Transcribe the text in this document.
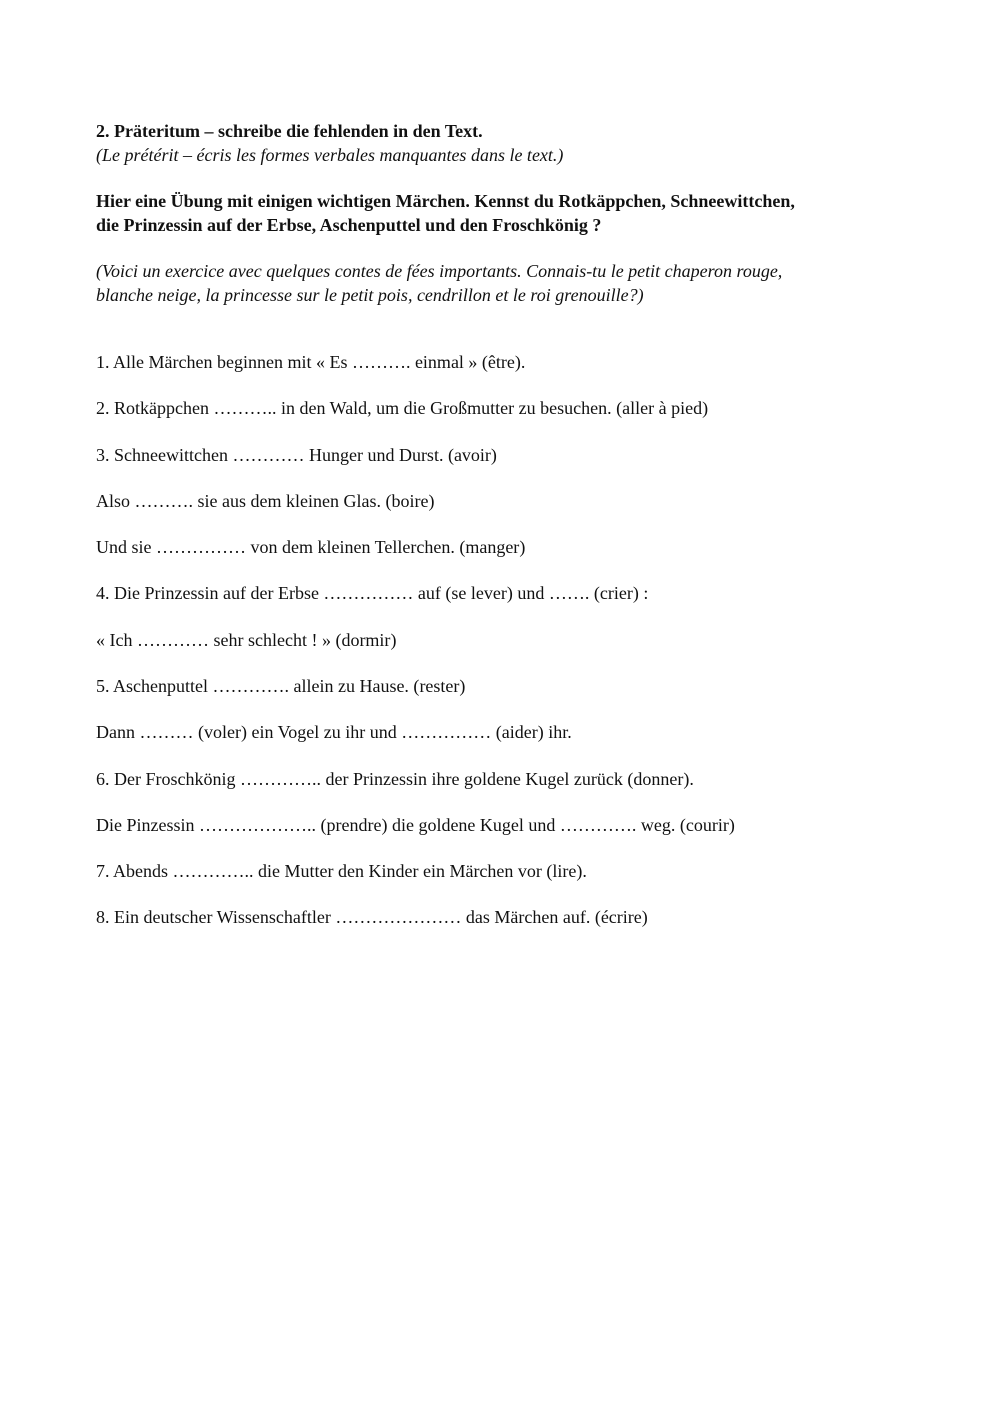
2. Präteritum – schreibe die fehlenden in den Text.
(Le prétérit – écris les formes verbales manquantes dans le text.)
Hier eine Übung mit einigen wichtigen Märchen. Kennst du Rotkäppchen, Schneewittchen,
die Prinzessin auf der Erbse, Aschenputtel und den Froschkönig ?
(Voici un exercice avec quelques contes de fées importants. Connais-tu le petit chaperon rouge,
blanche neige, la princesse sur le petit pois, cendrillon et le roi grenouille?)
1. Alle Märchen beginnen mit « Es ………. einmal » (être).
2. Rotkäppchen ……….. in den Wald, um die Großmutter zu besuchen. (aller à pied)
3. Schneewittchen ………… Hunger und Durst. (avoir)
Also ………. sie aus dem kleinen Glas. (boire)
Und sie …………… von dem kleinen Tellerchen. (manger)
4. Die Prinzessin auf der Erbse …………… auf (se lever) und ……. (crier) :
« Ich ………… sehr schlecht ! » (dormir)
5. Aschenputtel …………. allein zu Hause. (rester)
Dann ……… (voler) ein Vogel zu ihr und …………… (aider) ihr.
6. Der Froschkönig ………….. der Prinzessin ihre goldene Kugel zurück (donner).
Die Pinzessin ……………….. (prendre) die goldene Kugel und …………. weg. (courir)
7. Abends ………….. die Mutter den Kinder ein Märchen vor (lire).
8. Ein deutscher Wissenschaftler ………………… das Märchen auf. (écrire)
